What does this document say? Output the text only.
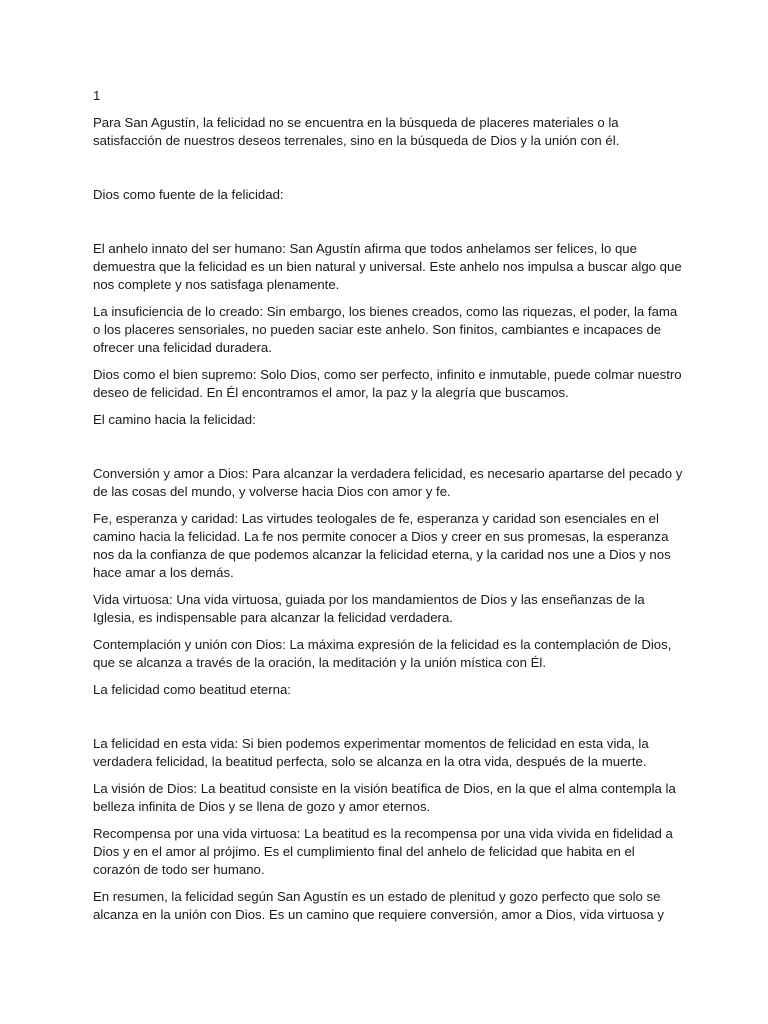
1

Para San Agustín, la felicidad no se encuentra en la búsqueda de placeres materiales o la satisfacción de nuestros deseos terrenales, sino en la búsqueda de Dios y la unión con él.

Dios como fuente de la felicidad:

El anhelo innato del ser humano: San Agustín afirma que todos anhelamos ser felices, lo que demuestra que la felicidad es un bien natural y universal. Este anhelo nos impulsa a buscar algo que nos complete y nos satisfaga plenamente.

La insuficiencia de lo creado: Sin embargo, los bienes creados, como las riquezas, el poder, la fama o los placeres sensoriales, no pueden saciar este anhelo. Son finitos, cambiantes e incapaces de ofrecer una felicidad duradera.

Dios como el bien supremo: Solo Dios, como ser perfecto, infinito e inmutable, puede colmar nuestro deseo de felicidad. En Él encontramos el amor, la paz y la alegría que buscamos.

El camino hacia la felicidad:

Conversión y amor a Dios: Para alcanzar la verdadera felicidad, es necesario apartarse del pecado y de las cosas del mundo, y volverse hacia Dios con amor y fe.

Fe, esperanza y caridad: Las virtudes teologales de fe, esperanza y caridad son esenciales en el camino hacia la felicidad. La fe nos permite conocer a Dios y creer en sus promesas, la esperanza nos da la confianza de que podemos alcanzar la felicidad eterna, y la caridad nos une a Dios y nos hace amar a los demás.

Vida virtuosa: Una vida virtuosa, guiada por los mandamientos de Dios y las enseñanzas de la Iglesia, es indispensable para alcanzar la felicidad verdadera.

Contemplación y unión con Dios: La máxima expresión de la felicidad es la contemplación de Dios, que se alcanza a través de la oración, la meditación y la unión mística con Él.

La felicidad como beatitud eterna:

La felicidad en esta vida: Si bien podemos experimentar momentos de felicidad en esta vida, la verdadera felicidad, la beatitud perfecta, solo se alcanza en la otra vida, después de la muerte.

La visión de Dios: La beatitud consiste en la visión beatífica de Dios, en la que el alma contempla la belleza infinita de Dios y se llena de gozo y amor eternos.

Recompensa por una vida virtuosa: La beatitud es la recompensa por una vida vivida en fidelidad a Dios y en el amor al prójimo. Es el cumplimiento final del anhelo de felicidad que habita en el corazón de todo ser humano.

En resumen, la felicidad según San Agustín es un estado de plenitud y gozo perfecto que solo se alcanza en la unión con Dios. Es un camino que requiere conversión, amor a Dios, vida virtuosa y
